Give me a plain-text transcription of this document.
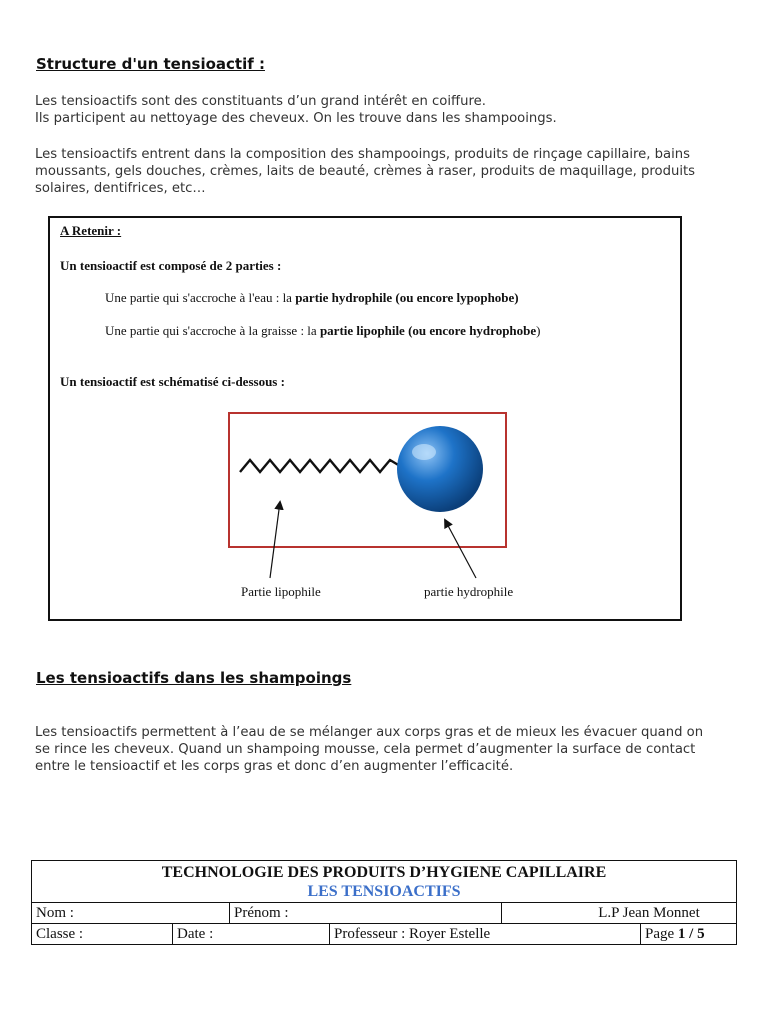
Structure d'un tensioactif :
Les tensioactifs sont des constituants d’un grand intérêt en coiffure.
Ils participent au nettoyage des cheveux. On les trouve dans les shampooings.
Les tensioactifs entrent dans la composition des shampooings, produits de rinçage capillaire, bains
moussants, gels douches, crèmes, laits de beauté, crèmes à raser, produits de maquillage, produits
solaires, dentifrices, etc…
A Retenir :
Un tensioactif est composé de 2 parties :
Une partie qui s'accroche à l'eau : la partie hydrophile (ou encore lypophobe)
Une partie qui s'accroche à la graisse : la partie lipophile (ou encore hydrophobe)
Un tensioactif est schématisé ci-dessous :
Partie lipophile	partie hydrophile
Les tensioactifs dans les shampoings
Les tensioactifs permettent à l’eau de se mélanger aux corps gras et de mieux les évacuer quand on
se rince les cheveux. Quand un shampoing mousse, cela permet d’augmenter la surface de contact
entre le tensioactif et les corps gras et donc d’en augmenter l’efficacité.
TECHNOLOGIE DES PRODUITS D’HYGIENE CAPILLAIRE
LES TENSIOACTIFS
Nom :	Prénom :	L.P Jean Monnet
Classe :	Date :	Professeur : Royer Estelle	Page 1 / 5
